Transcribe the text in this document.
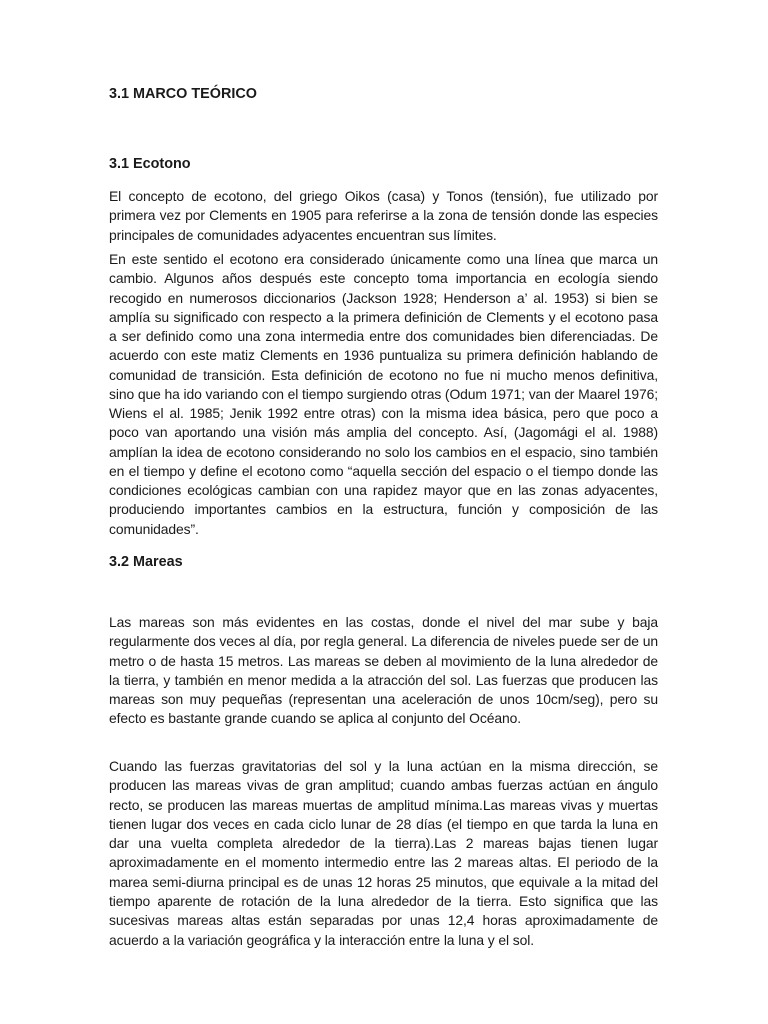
3.1 MARCO TEÓRICO
3.1 Ecotono

El concepto de ecotono, del griego Oikos (casa) y Tonos (tensión), fue utilizado por primera vez por Clements en 1905 para referirse a la zona de tensión donde las especies principales de comunidades adyacentes encuentran sus límites.

En este sentido el ecotono era considerado únicamente como una línea que marca un cambio. Algunos años después este concepto toma importancia en ecología siendo recogido en numerosos diccionarios (Jackson 1928; Henderson a’ al. 1953) si bien se amplía su significado con respecto a la primera definición de Clements y el ecotono pasa a ser definido como una zona intermedia entre dos comunidades bien diferenciadas. De acuerdo con este matiz Clements en 1936 puntualiza su primera definición hablando de comunidad de transición. Esta definición de ecotono no fue ni mucho menos definitiva, sino que ha ido variando con el tiempo surgiendo otras (Odum 1971; van der Maarel 1976; Wiens el al. 1985; Jenik 1992 entre otras) con la misma idea básica, pero que poco a poco van aportando una visión más amplia del concepto. Así, (Jagomági el al. 1988) amplían la idea de ecotono considerando no solo los cambios en el espacio, sino también en el tiempo y define el ecotono como “aquella sección del espacio o el tiempo donde las condiciones ecológicas cambian con una rapidez mayor que en las zonas adyacentes, produciendo importantes cambios en la estructura, función y composición de las comunidades”.

3.2 Mareas

Las mareas son más evidentes en las costas, donde el nivel del mar sube y baja regularmente dos veces al día, por regla general. La diferencia de niveles puede ser de un metro o de hasta 15 metros. Las mareas se deben al movimiento de la luna alrededor de la tierra, y también en menor medida a la atracción del sol. Las fuerzas que producen las mareas son muy pequeñas (representan una aceleración de unos 10cm/seg), pero su efecto es bastante grande cuando se aplica al conjunto del Océano.

Cuando las fuerzas gravitatorias del sol y la luna actúan en la misma dirección, se producen las mareas vivas de gran amplitud; cuando ambas fuerzas actúan en ángulo recto, se producen las mareas muertas de amplitud mínima.Las mareas vivas y muertas tienen lugar dos veces en cada ciclo lunar de 28 días (el tiempo en que tarda la luna en dar una vuelta completa alrededor de la tierra).Las 2 mareas bajas tienen lugar aproximadamente en el momento intermedio entre las 2 mareas altas. El periodo de la marea semi-diurna principal es de unas 12 horas 25 minutos, que equivale a la mitad del tiempo aparente de rotación de la luna alrededor de la tierra. Esto significa que las sucesivas mareas altas están separadas por unas 12,4 horas aproximadamente de acuerdo a la variación geográfica y la interacción entre la luna y el sol.
